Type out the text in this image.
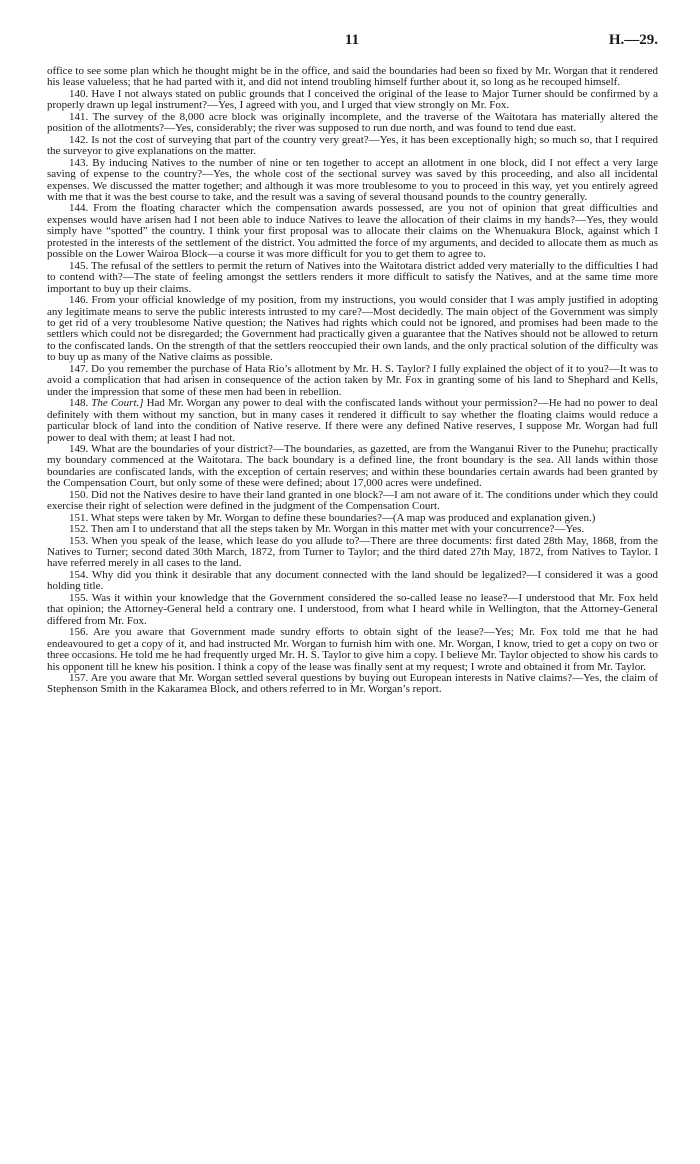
11	H.—29.

office to see some plan which he thought might be in the office, and said the boundaries had been so fixed by Mr. Worgan that it rendered his lease valueless; that he had parted with it, and did not intend troubling himself further about it, so long as he recouped himself.

140. Have I not always stated on public grounds that I conceived the original of the lease to Major Turner should be confirmed by a properly drawn up legal instrument?—Yes, I agreed with you, and I urged that view strongly on Mr. Fox.

141. The survey of the 8,000 acre block was originally incomplete, and the traverse of the Waitotara has materially altered the position of the allotments?—Yes, considerably; the river was supposed to run due north, and was found to tend due east.

142. Is not the cost of surveying that part of the country very great?—Yes, it has been exceptionally high; so much so, that I required the surveyor to give explanations on the matter.

143. By inducing Natives to the number of nine or ten together to accept an allotment in one block, did I not effect a very large saving of expense to the country?—Yes, the whole cost of the sectional survey was saved by this proceeding, and also all incidental expenses. We discussed the matter together; and although it was more troublesome to you to proceed in this way, yet you entirely agreed with me that it was the best course to take, and the result was a saving of several thousand pounds to the country generally.

144. From the floating character which the compensation awards possessed, are you not of opinion that great difficulties and expenses would have arisen had I not been able to induce Natives to leave the allocation of their claims in my hands?—Yes, they would simply have “spotted” the country. I think your first proposal was to allocate their claims on the Whenuakura Block, against which I protested in the interests of the settlement of the district. You admitted the force of my arguments, and decided to allocate them as much as possible on the Lower Wairoa Block—a course it was more difficult for you to get them to agree to.

145. The refusal of the settlers to permit the return of Natives into the Waitotara district added very materially to the difficulties I had to contend with?—The state of feeling amongst the settlers renders it more difficult to satisfy the Natives, and at the same time more important to buy up their claims.

146. From your official knowledge of my position, from my instructions, you would consider that I was amply justified in adopting any legitimate means to serve the public interests intrusted to my care?—Most decidedly. The main object of the Government was simply to get rid of a very troublesome Native question; the Natives had rights which could not be ignored, and promises had been made to the settlers which could not be disregarded; the Government had practically given a guarantee that the Natives should not be allowed to return to the confiscated lands. On the strength of that the settlers reoccupied their own lands, and the only practical solution of the difficulty was to buy up as many of the Native claims as possible.

147. Do you remember the purchase of Hata Rio’s allotment by Mr. H. S. Taylor? I fully explained the object of it to you?—It was to avoid a complication that had arisen in consequence of the action taken by Mr. Fox in granting some of his land to Shephard and Kells, under the impression that some of these men had been in rebellion.

148. The Court.] Had Mr. Worgan any power to deal with the confiscated lands without your permission?—He had no power to deal definitely with them without my sanction, but in many cases it rendered it difficult to say whether the floating claims would reduce a particular block of land into the condition of Native reserve. If there were any defined Native reserves, I suppose Mr. Worgan had full power to deal with them; at least I had not.

149. What are the boundaries of your district?—The boundaries, as gazetted, are from the Wanganui River to the Punehu; practically my boundary commenced at the Waitotara. The back boundary is a defined line, the front boundary is the sea. All lands within those boundaries are confiscated lands, with the exception of certain reserves; and within these boundaries certain awards had been granted by the Compensation Court, but only some of these were defined; about 17,000 acres were undefined.

150. Did not the Natives desire to have their land granted in one block?—I am not aware of it. The conditions under which they could exercise their right of selection were defined in the judgment of the Compensation Court.

151. What steps were taken by Mr. Worgan to define these boundaries?—(A map was produced and explanation given.)

152. Then am I to understand that all the steps taken by Mr. Worgan in this matter met with your concurrence?—Yes.

153. When you speak of the lease, which lease do you allude to?—There are three documents: first dated 28th May, 1868, from the Natives to Turner; second dated 30th March, 1872, from Turner to Taylor; and the third dated 27th May, 1872, from Natives to Taylor. I have referred merely in all cases to the land.

154. Why did you think it desirable that any document connected with the land should be legalized?—I considered it was a good holding title.

155. Was it within your knowledge that the Government considered the so-called lease no lease?—I understood that Mr. Fox held that opinion; the Attorney-General held a contrary one. I understood, from what I heard while in Wellington, that the Attorney-General differed from Mr. Fox.

156. Are you aware that Government made sundry efforts to obtain sight of the lease?—Yes; Mr. Fox told me that he had endeavoured to get a copy of it, and had instructed Mr. Worgan to furnish him with one. Mr. Worgan, I know, tried to get a copy on two or three occasions. He told me he had frequently urged Mr. H. S. Taylor to give him a copy. I believe Mr. Taylor objected to show his cards to his opponent till he knew his position. I think a copy of the lease was finally sent at my request; I wrote and obtained it from Mr. Taylor.

157. Are you aware that Mr. Worgan settled several questions by buying out European interests in Native claims?—Yes, the claim of Stephenson Smith in the Kakaramea Block, and others referred to in Mr. Worgan’s report.
